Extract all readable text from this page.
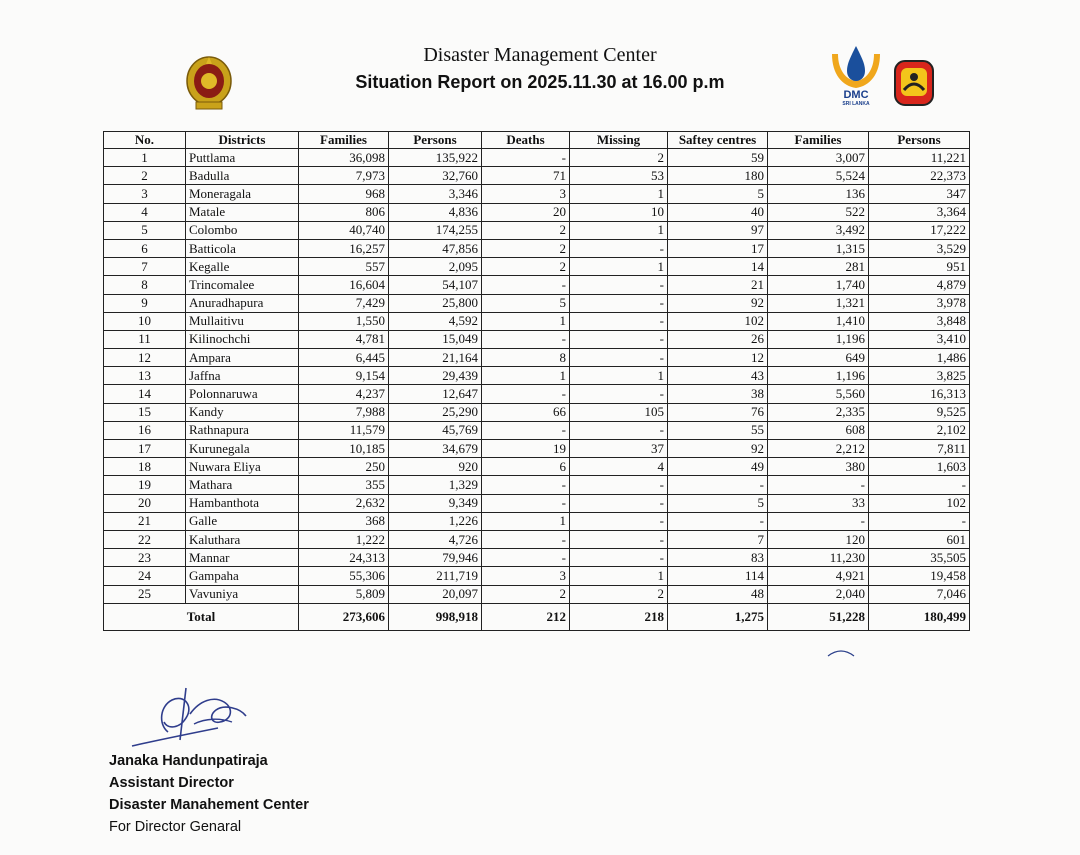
Disaster Management Center
Situation Report on 2025.11.30 at 16.00 p.m
DMC
SRI LANKA
No.	Districts	Families	Persons	Deaths	Missing	Saftey centres	Families	Persons
1	Puttlama	36,098	135,922	-	2	59	3,007	11,221
2	Badulla	7,973	32,760	71	53	180	5,524	22,373
3	Moneragala	968	3,346	3	1	5	136	347
4	Matale	806	4,836	20	10	40	522	3,364
5	Colombo	40,740	174,255	2	1	97	3,492	17,222
6	Batticola	16,257	47,856	2	-	17	1,315	3,529
7	Kegalle	557	2,095	2	1	14	281	951
8	Trincomalee	16,604	54,107	-	-	21	1,740	4,879
9	Anuradhapura	7,429	25,800	5	-	92	1,321	3,978
10	Mullaitivu	1,550	4,592	1	-	102	1,410	3,848
11	Kilinochchi	4,781	15,049	-	-	26	1,196	3,410
12	Ampara	6,445	21,164	8	-	12	649	1,486
13	Jaffna	9,154	29,439	1	1	43	1,196	3,825
14	Polonnaruwa	4,237	12,647	-	-	38	5,560	16,313
15	Kandy	7,988	25,290	66	105	76	2,335	9,525
16	Rathnapura	11,579	45,769	-	-	55	608	2,102
17	Kurunegala	10,185	34,679	19	37	92	2,212	7,811
18	Nuwara Eliya	250	920	6	4	49	380	1,603
19	Mathara	355	1,329	-	-	-	-	-
20	Hambanthota	2,632	9,349	-	-	5	33	102
21	Galle	368	1,226	1	-	-	-	-
22	Kaluthara	1,222	4,726	-	-	7	120	601
23	Mannar	24,313	79,946	-	-	83	11,230	35,505
24	Gampaha	55,306	211,719	3	1	114	4,921	19,458
25	Vavuniya	5,809	20,097	2	2	48	2,040	7,046
Total		273,606	998,918	212	218	1,275	51,228	180,499
Janaka Handunpatiraja
Assistant Director
Disaster Manahement Center
For Director Genaral
